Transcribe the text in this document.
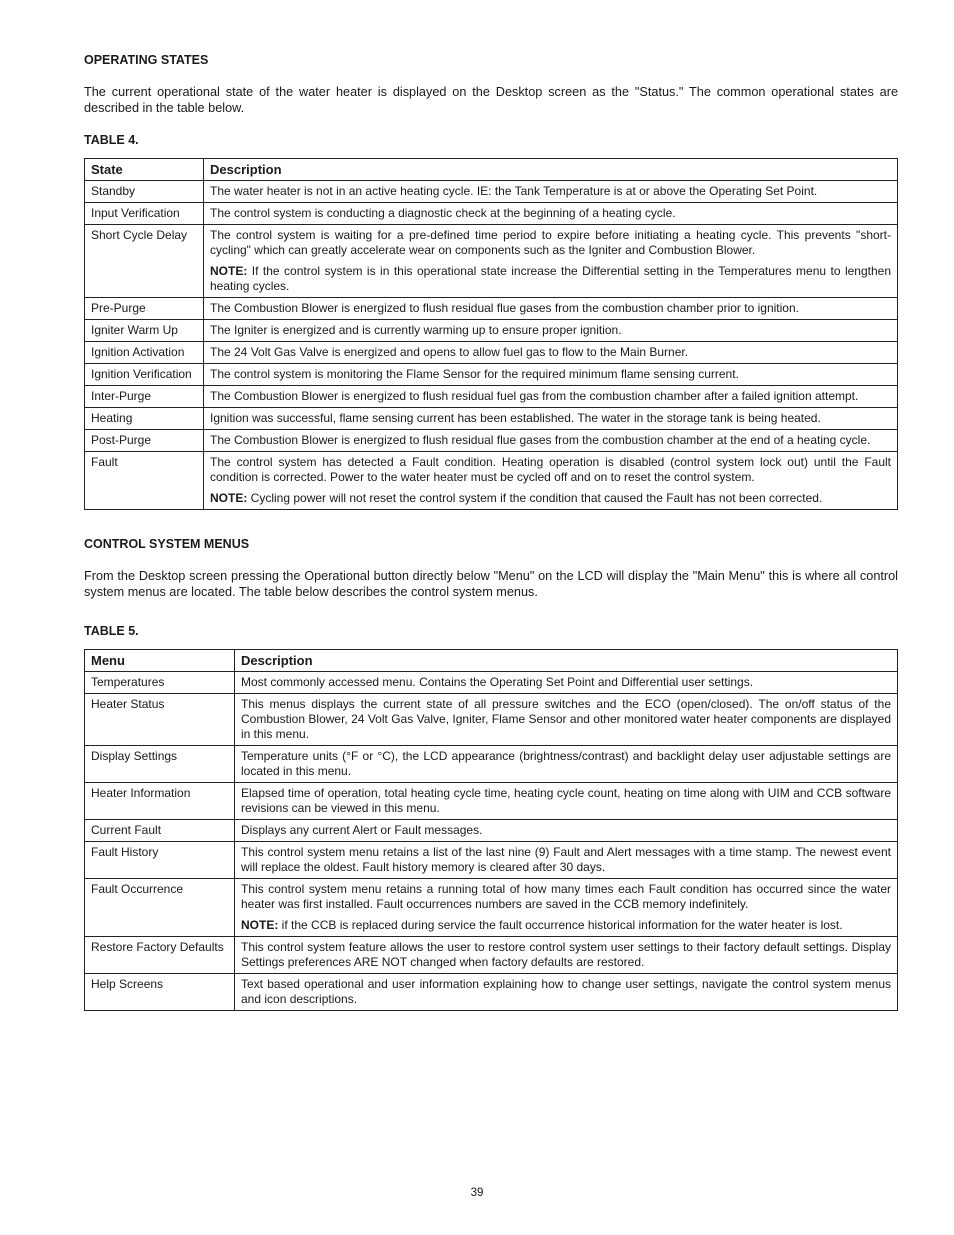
OPERATING STATES

The current operational state of the water heater is displayed on the Desktop screen as the "Status." The common operational states are described in the table below.

TABLE 4.

State	Description
Standby	The water heater is not in an active heating cycle. IE: the Tank Temperature is at or above the Operating Set Point.

Input Verification	The control system is conducting a diagnostic check at the beginning of a heating cycle.

Short Cycle Delay	The control system is waiting for a pre-defined time period to expire before initiating a heating cycle. This prevents "short-cycling" which can greatly accelerate wear on components such as the Igniter and Combustion Blower.
NOTE: If the control system is in this operational state increase the Differential setting in the Temperatures menu to lengthen heating cycles.

Pre-Purge	The Combustion Blower is energized to flush residual flue gases from the combustion chamber prior to ignition.

Igniter Warm Up	The Igniter is energized and is currently warming up to ensure proper ignition.

Ignition Activation	The 24 Volt Gas Valve is energized and opens to allow fuel gas to flow to the Main Burner.

Ignition Verification	The control system is monitoring the Flame Sensor for the required minimum flame sensing current.

Inter-Purge	The Combustion Blower is energized to flush residual fuel gas from the combustion chamber after a failed ignition attempt.

Heating	Ignition was successful, flame sensing current has been established. The water in the storage tank is being heated.

Post-Purge	The Combustion Blower is energized to flush residual flue gases from the combustion chamber at the end of a heating cycle.

Fault	The control system has detected a Fault condition. Heating operation is disabled (control system lock out) until the Fault condition is corrected. Power to the water heater must be cycled off and on to reset the control system.
NOTE: Cycling power will not reset the control system if the condition that caused the Fault has not been corrected.

CONTROL SYSTEM MENUS

From the Desktop screen pressing the Operational button directly below "Menu" on the LCD will display the "Main Menu" this is where all control system menus are located. The table below describes the control system menus.

TABLE 5.

Menu	Description
Temperatures	Most commonly accessed menu. Contains the Operating Set Point and Differential user settings.

Heater Status	This menus displays the current state of all pressure switches and the ECO (open/closed). The on/off status of the Combustion Blower, 24 Volt Gas Valve, Igniter, Flame Sensor and other monitored water heater components are displayed in this menu.

Display Settings	Temperature units (°F or °C), the LCD appearance (brightness/contrast) and backlight delay user adjustable settings are located in this menu.

Heater Information	Elapsed time of operation, total heating cycle time, heating cycle count, heating on time along with UIM and CCB software revisions can be viewed in this menu.

Current Fault	Displays any current Alert or Fault messages.

Fault History	This control system menu retains a list of the last nine (9) Fault and Alert messages with a time stamp. The newest event will replace the oldest. Fault history memory is cleared after 30 days.

Fault Occurrence	This control system menu retains a running total of how many times each Fault condition has occurred since the water heater was first installed. Fault occurrences numbers are saved in the CCB memory indefinitely.
NOTE: if the CCB is replaced during service the fault occurrence historical information for the water heater is lost.

Restore Factory Defaults	This control system feature allows the user to restore control system user settings to their factory default settings. Display Settings preferences ARE NOT changed when factory defaults are restored.

Help Screens	Text based operational and user information explaining how to change user settings, navigate the control system menus and icon descriptions.
39
